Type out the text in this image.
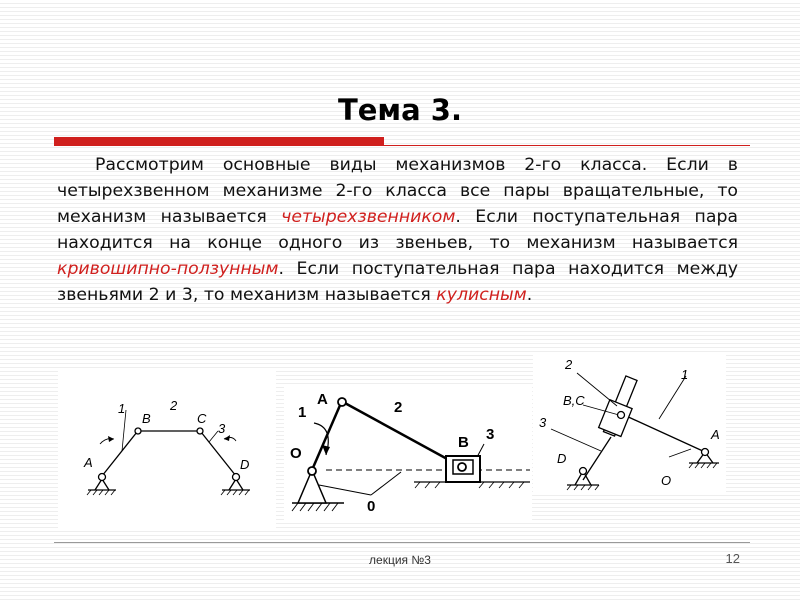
Тема 3.

Рассмотрим основные виды механизмов 2-го класса. Если в четырехзвенном механизме 2-го класса все пары вращательные, то механизм называется четырехзвенником. Если поступательная пара находится на конце одного из звеньев, то механизм называется кривошипно-ползунным. Если поступательная пара находится между звеньями 2 и 3, то механизм называется кулисным.

A
B	C
D
1	2
3
A
O
B
1	2
3
0
2
1
B,C
3
D
A
O
лекция №3	12
